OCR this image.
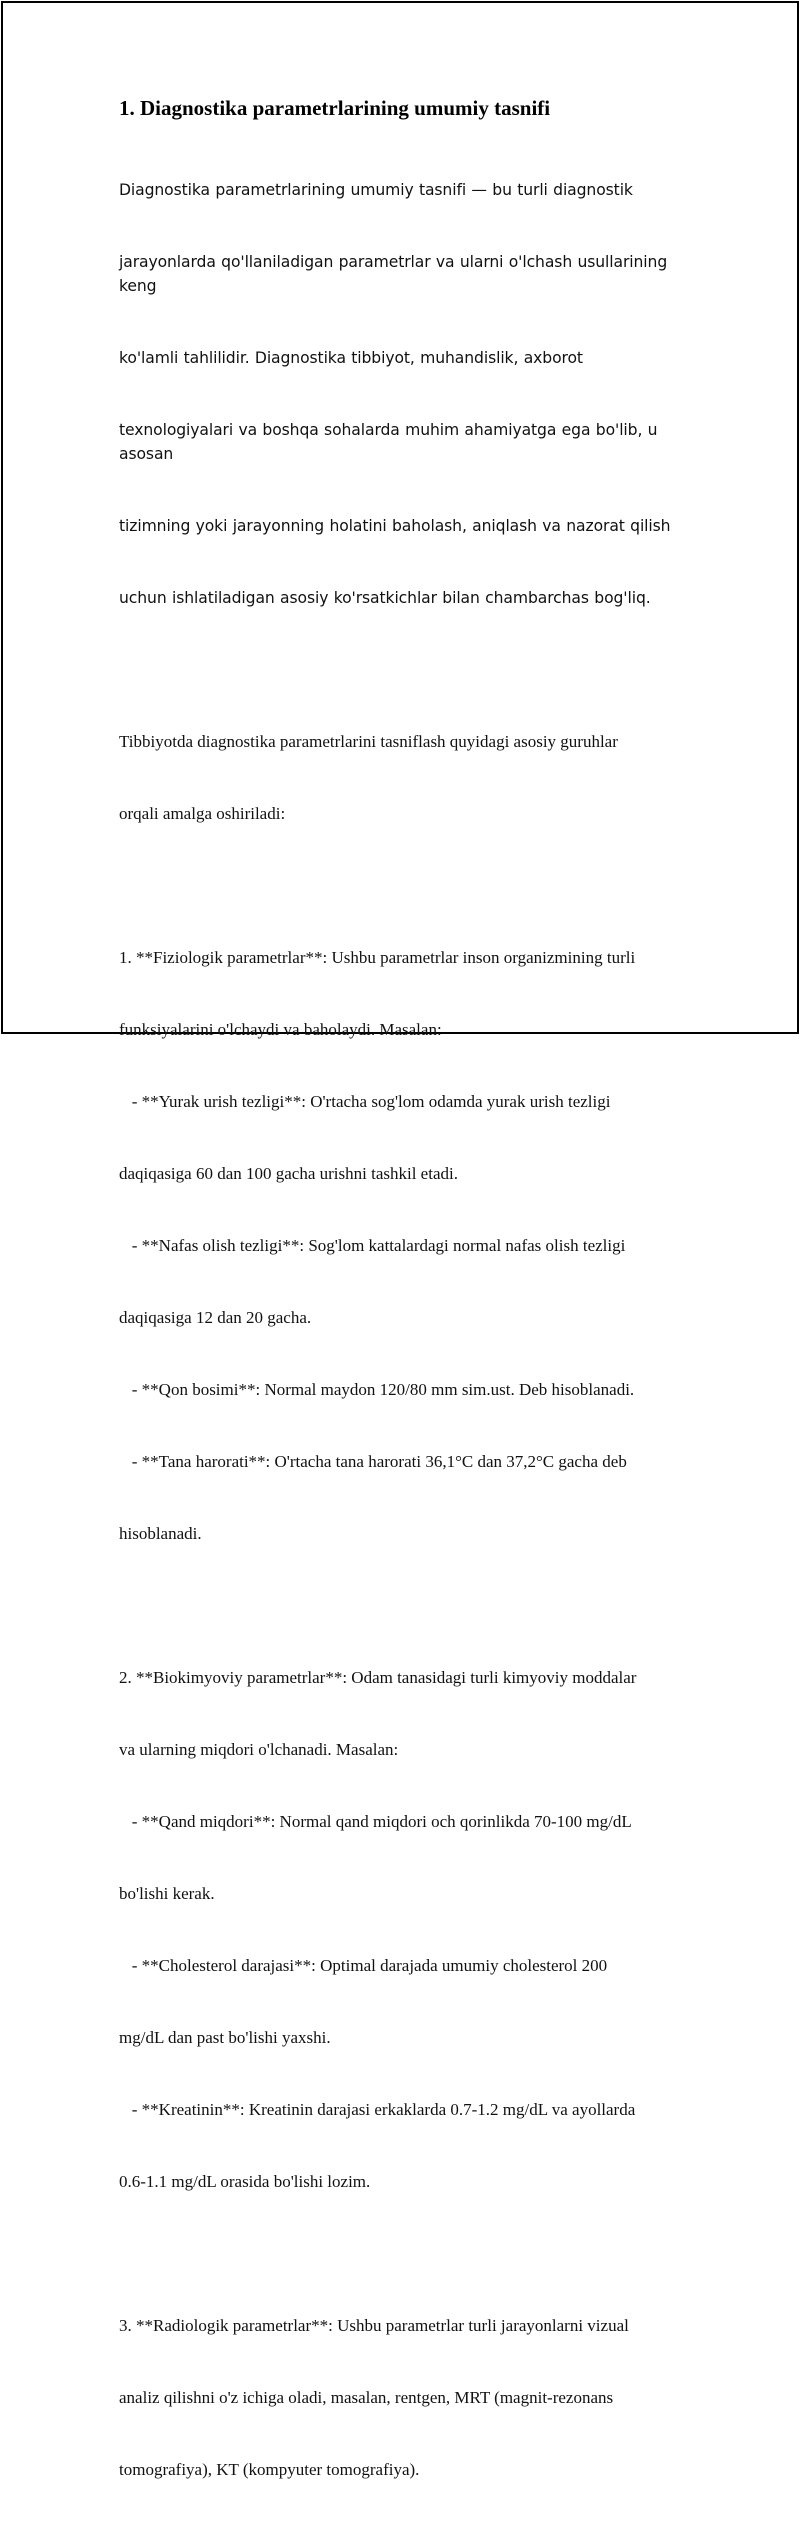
1. Diagnostika parametrlarining umumiy tasnifi

Diagnostika parametrlarining umumiy tasnifi — bu turli diagnostik

jarayonlarda qo'llaniladigan parametrlar va ularni o'lchash usullarining keng

ko'lamli tahlilidir. Diagnostika tibbiyot, muhandislik, axborot

texnologiyalari va boshqa sohalarda muhim ahamiyatga ega bo'lib, u asosan

tizimning yoki jarayonning holatini baholash, aniqlash va nazorat qilish

uchun ishlatiladigan asosiy ko'rsatkichlar bilan chambarchas bog'liq.

Tibbiyotda diagnostika parametrlarini tasniflash quyidagi asosiy guruhlar

orqali amalga oshiriladi:

1. **Fiziologik parametrlar**: Ushbu parametrlar inson organizmining turli

funksiyalarini o'lchaydi va baholaydi. Masalan:

- **Yurak urish tezligi**: O'rtacha sog'lom odamda yurak urish tezligi

daqiqasiga 60 dan 100 gacha urishni tashkil etadi.

- **Nafas olish tezligi**: Sog'lom kattalardagi normal nafas olish tezligi

daqiqasiga 12 dan 20 gacha.

- **Qon bosimi**: Normal maydon 120/80 mm sim.ust. Deb hisoblanadi.

- **Tana harorati**: O'rtacha tana harorati 36,1°C dan 37,2°C gacha deb

hisoblanadi.

2. **Biokimyoviy parametrlar**: Odam tanasidagi turli kimyoviy moddalar

va ularning miqdori o'lchanadi. Masalan:

- **Qand miqdori**: Normal qand miqdori och qorinlikda 70-100 mg/dL

bo'lishi kerak.

- **Cholesterol darajasi**: Optimal darajada umumiy cholesterol 200

mg/dL dan past bo'lishi yaxshi.

- **Kreatinin**: Kreatinin darajasi erkaklarda 0.7-1.2 mg/dL va ayollarda

0.6-1.1 mg/dL orasida bo'lishi lozim.

3. **Radiologik parametrlar**: Ushbu parametrlar turli jarayonlarni vizual

analiz qilishni o'z ichiga oladi, masalan, rentgen, MRT (magnit-rezonans

tomografiya), KT (kompyuter tomografiya).
